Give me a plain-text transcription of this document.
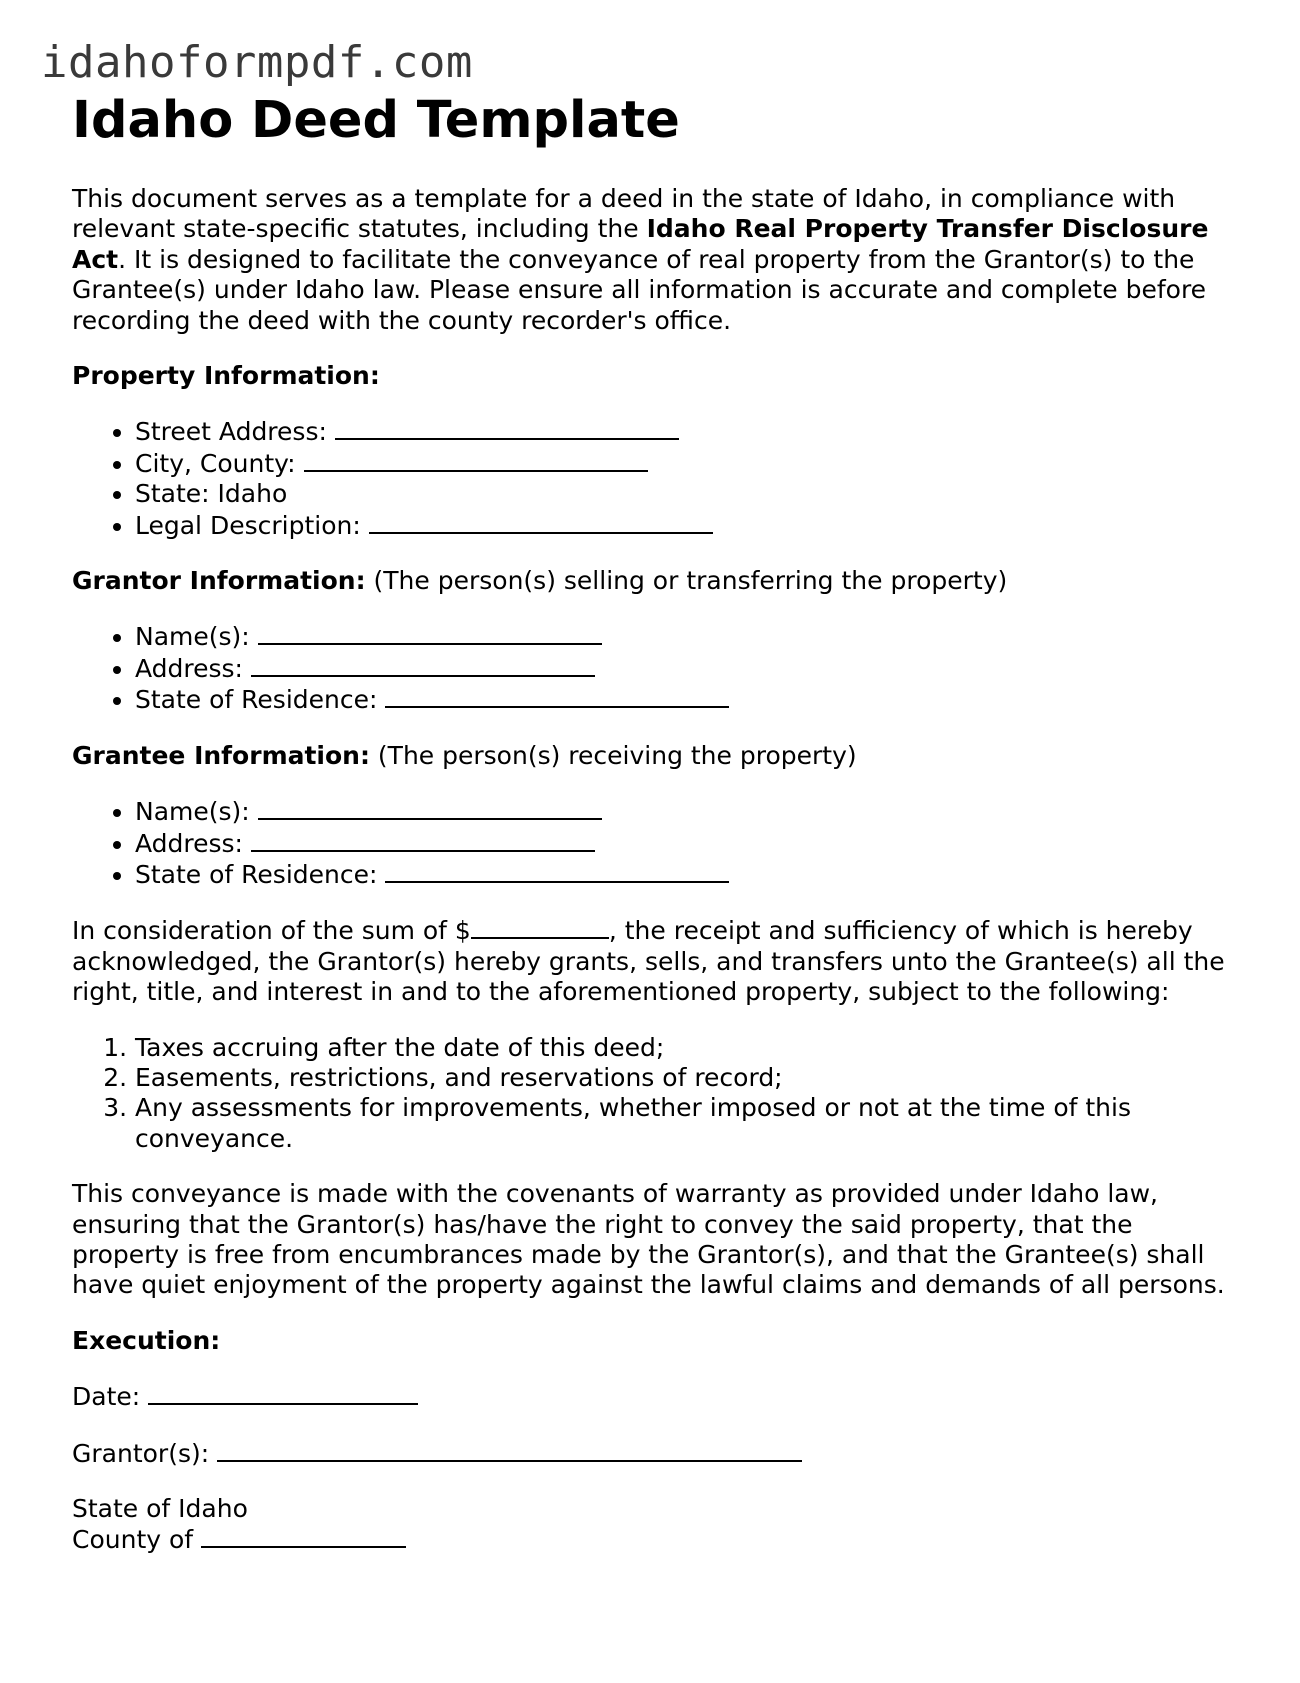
idahoformpdf.com
Idaho Deed Template

This document serves as a template for a deed in the state of Idaho, in compliance with relevant state-specific statutes, including the Idaho Real Property Transfer Disclosure Act. It is designed to facilitate the conveyance of real property from the Grantor(s) to the Grantee(s) under Idaho law. Please ensure all information is accurate and complete before recording the deed with the county recorder's office.

Property Information:

• Street Address:
• City, County:
• State: Idaho
• Legal Description:

Grantor Information: (The person(s) selling or transferring the property)

• Name(s):
• Address:
• State of Residence:

Grantee Information: (The person(s) receiving the property)

• Name(s):
• Address:
• State of Residence:

In consideration of the sum of $	, the receipt and sufficiency of which is hereby acknowledged, the Grantor(s) hereby grants, sells, and transfers unto the Grantee(s) all the right, title, and interest in and to the aforementioned property, subject to the following:

1. Taxes accruing after the date of this deed;
2. Easements, restrictions, and reservations of record;
3. Any assessments for improvements, whether imposed or not at the time of this conveyance.

This conveyance is made with the covenants of warranty as provided under Idaho law, ensuring that the Grantor(s) has/have the right to convey the said property, that the property is free from encumbrances made by the Grantor(s), and that the Grantee(s) shall have quiet enjoyment of the property against the lawful claims and demands of all persons.

Execution:

Date:

Grantor(s):

State of Idaho
County of
